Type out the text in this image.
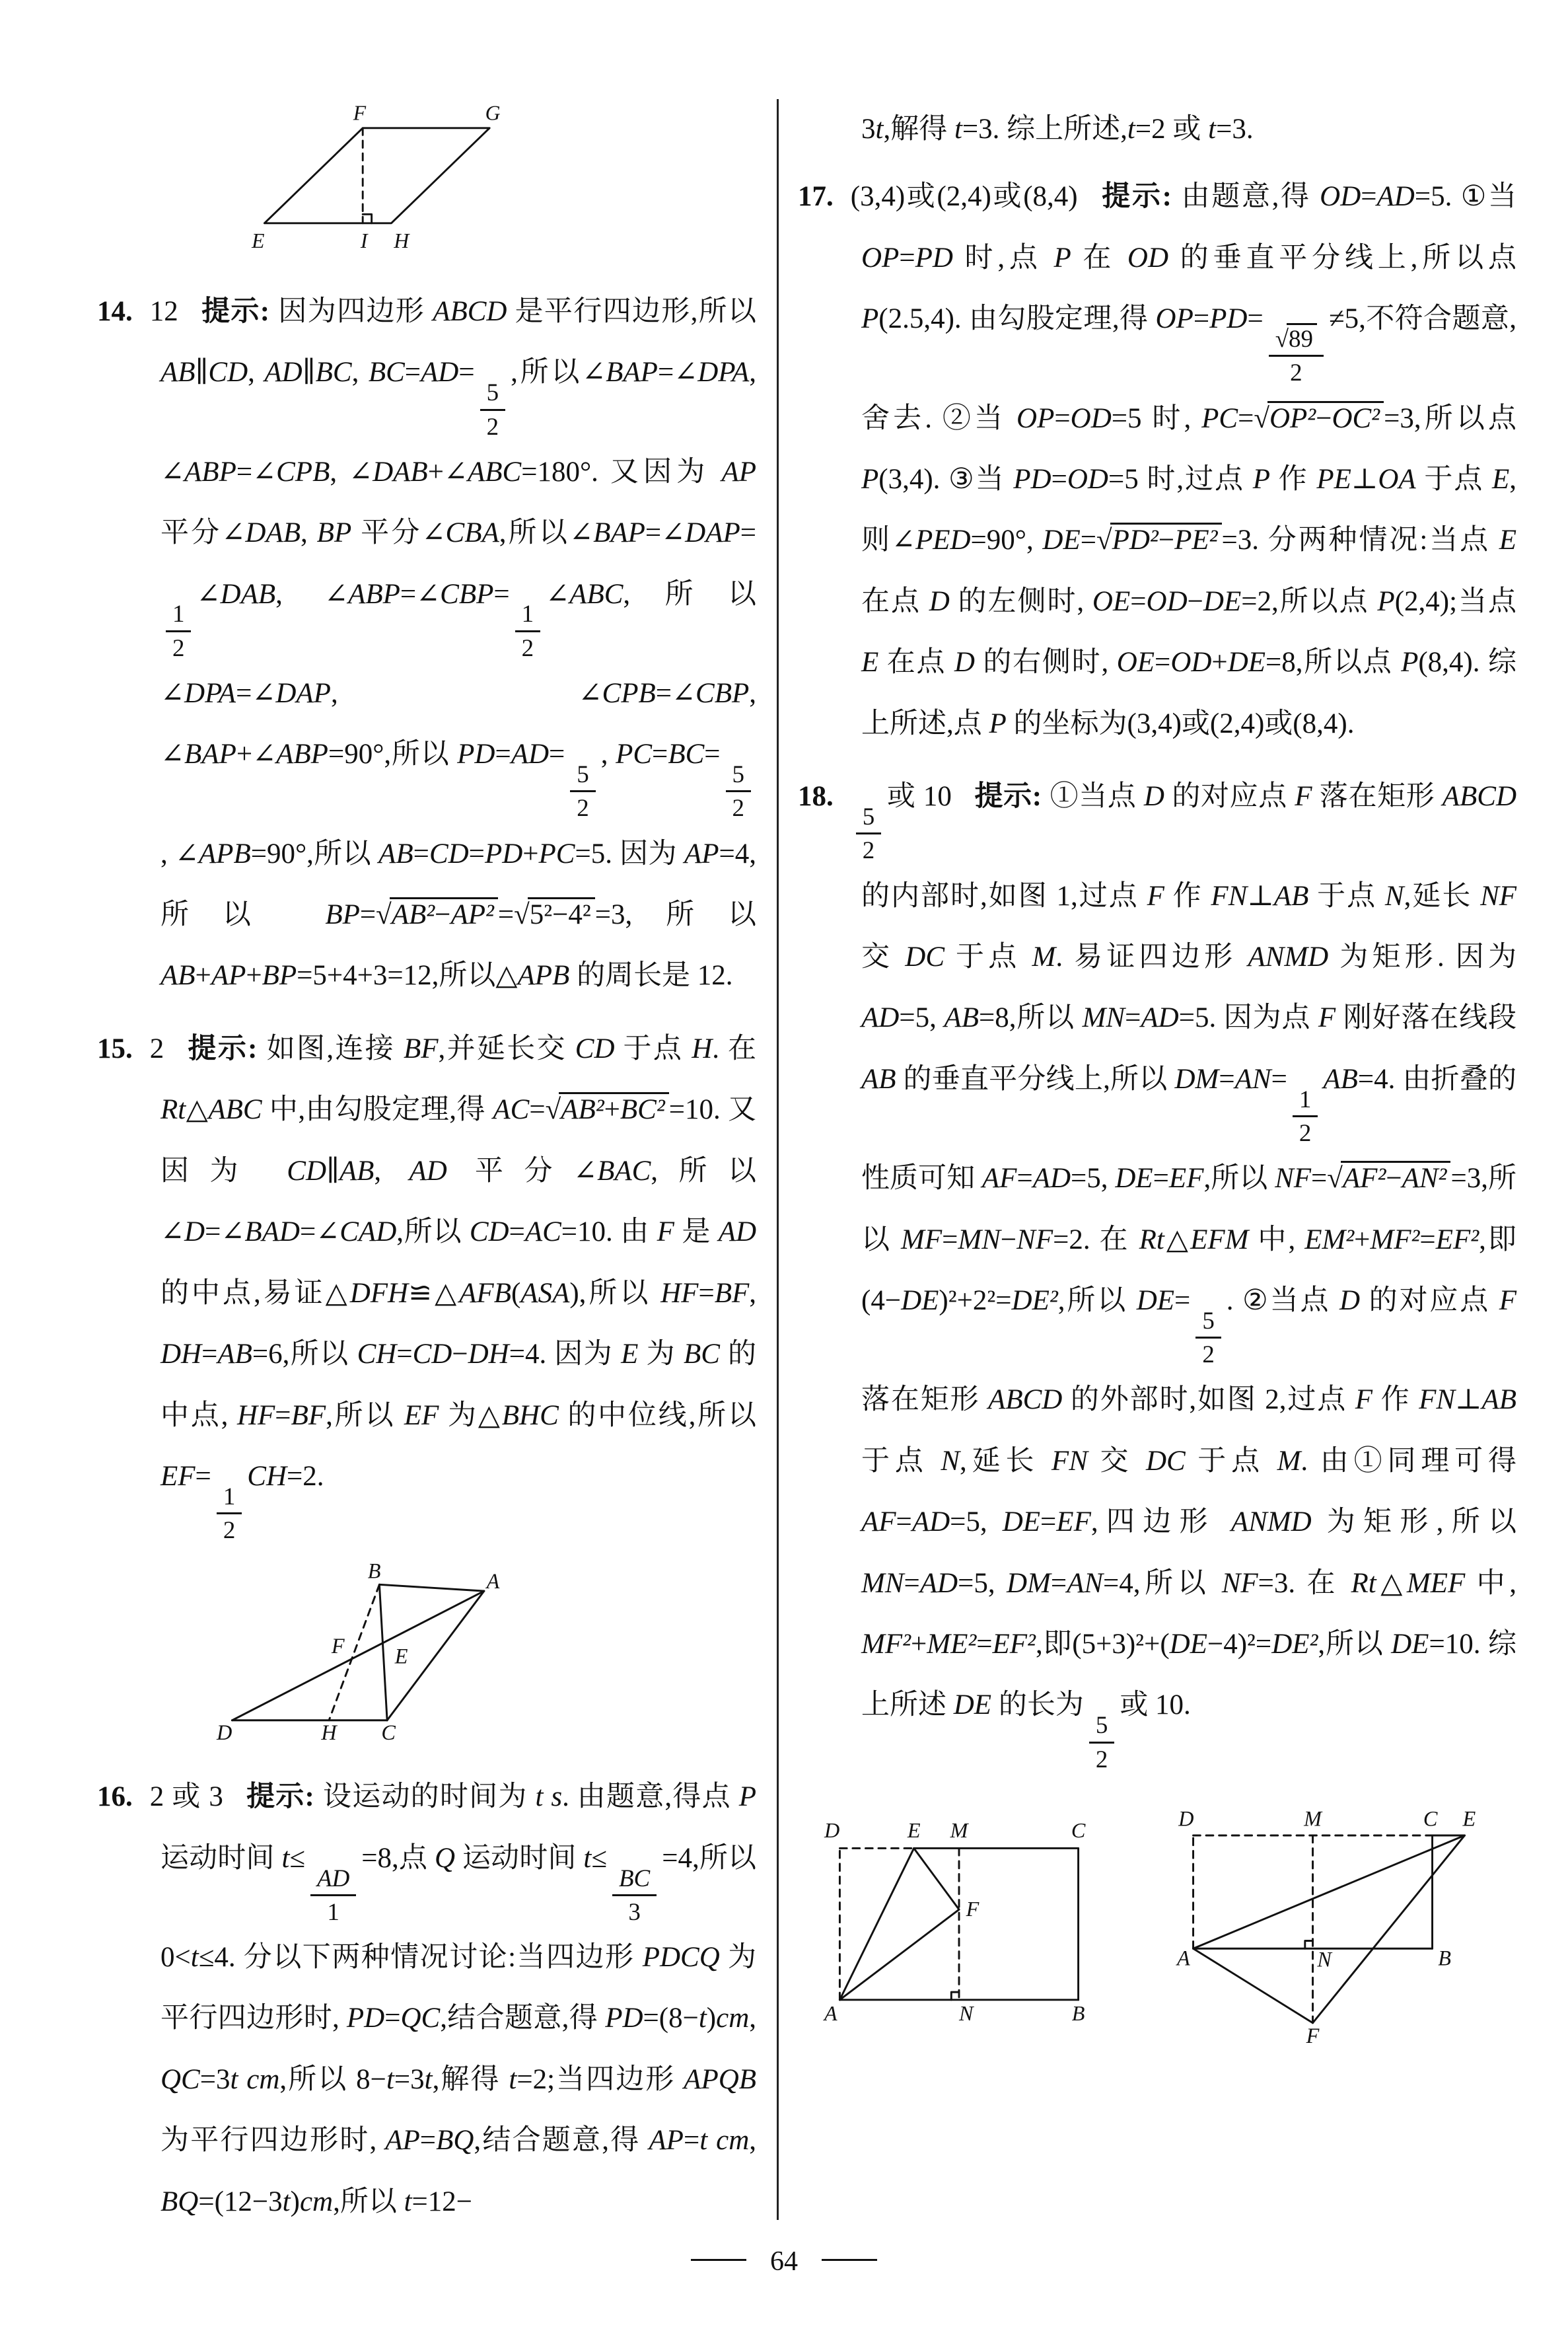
F	G
E	I H
14. 12 提示: 因为四边形 ABCD 是平行四边形,所以 AB∥CD, AD∥BC, BC=AD=
$\frac{5}{2}$
,所以∠BAP=∠DPA, ∠ABP=∠CPB, ∠DAB+∠ABC=180°. 又因为 AP 平分∠DAB, BP 平分∠CBA,所以∠BAP=∠DAP=
$\frac{1}{2}$
∠DAB, ∠ABP=∠CBP=
$\frac{1}{2}$
∠ABC,所以∠DPA=∠DAP, ∠CPB=∠CBP, ∠BAP+∠ABP=90°,所以 PD=AD=
$\frac{5}{2}$
, PC=BC=
$\frac{5}{2}$
, ∠APB=90°,所以 AB=CD=PD+PC=5. 因为 AP=4,所以 BP=√AB²−AP² =√5²−4² =3,所以 AB+AP+BP=5+4+3=12,所以△APB 的周长是 12.
15. 2 提示: 如图,连接 BF,并延长交 CD 于点 H. 在 Rt△ABC 中,由勾股定理,得 AC=√AB²+BC² =10. 又因为 CD∥AB, AD 平分∠BAC,所以∠D=∠BAD=∠CAD,所以 CD=AC=10. 由 F 是 AD 的中点,易证△DFH≌△AFB(ASA),所以 HF=BF, DH=AB=6,所以 CH=CD−DH=4. 因为 E 为 BC 的中点, HF=BF,所以 EF 为△BHC 的中位线,所以 EF=
$\frac{1}{2}$
CH=2.
B	A
F E
D	H C
16. 2 或 3 提示: 设运动的时间为 t s. 由题意,得点 P 运动时间 t≤
$\frac{AD}{1}$
=8,点 Q 运动时间 t≤
$\frac{BC}{3}$
=4,所以 0<t≤4. 分以下两种情况讨论:当四边形 PDCQ 为平行四边形时, PD=QC,结合题意,得 PD=(8−t)cm, QC=3t cm,所以 8−t=3t,解得 t=2;当四边形 APQB 为平行四边形时, AP=BQ,结合题意,得 AP=t cm, BQ=(12−3t)cm,所以 t=12−
3t,解得 t=3. 综上所述,t=2 或 t=3.
17. (3,4)或(2,4)或(8,4) 提示: 由题意,得 OD=AD=5. ①当 OP=PD 时,点 P 在 OD 的垂直平分线上,所以点 P(2.5,4). 由勾股定理,得 OP=PD=
$\frac{√89}{2}$
≠5,不符合题意,舍去. ②当 OP=OD=5 时, PC=√OP²−OC² =3,所以点 P(3,4). ③当 PD=OD=5 时,过点 P 作 PE⊥OA 于点 E,则∠PED=90°, DE=√PD²−PE² =3. 分两种情况:当点 E 在点 D 的左侧时, OE=OD−DE=2,所以点 P(2,4);当点 E 在点 D 的右侧时, OE=OD+DE=8,所以点 P(8,4). 综上所述,点 P 的坐标为(3,4)或(2,4)或(8,4).
18.
$\frac{5}{2}$
或 10 提示: ①当点 D 的对应点 F 落在矩形 ABCD 的内部时,如图 1,过点 F 作 FN⊥AB 于点 N,延长 NF 交 DC 于点 M. 易证四边形 ANMD 为矩形. 因为 AD=5, AB=8,所以 MN=AD=5. 因为点 F 刚好落在线段 AB 的垂直平分线上,所以 DM=AN=
$\frac{1}{2}$
AB=4. 由折叠的性质可知 AF=AD=5, DE=EF,所以 NF=√AF²−AN² =3,所以 MF=MN−NF=2. 在 Rt△EFM 中, EM²+MF²=EF²,即(4−DE)²+2²=DE²,所以 DE=
$\frac{5}{2}$
. ②当点 D 的对应点 F 落在矩形 ABCD 的外部时,如图 2,过点 F 作 FN⊥AB 于点 N,延长 FN 交 DC 于点 M. 由①同理可得 AF=AD=5, DE=EF,四边形 ANMD 为矩形,所以 MN=AD=5, DM=AN=4,所以 NF=3. 在 Rt△MEF 中, MF²+ME²=EF²,即(5+3)²+(DE−4)²=DE²,所以 DE=10. 综上所述 DE 的长为
$\frac{5}{2}$
或 10.
D	E M	C
A	N	B
F
D	M	C E
A	B
N
F
64
